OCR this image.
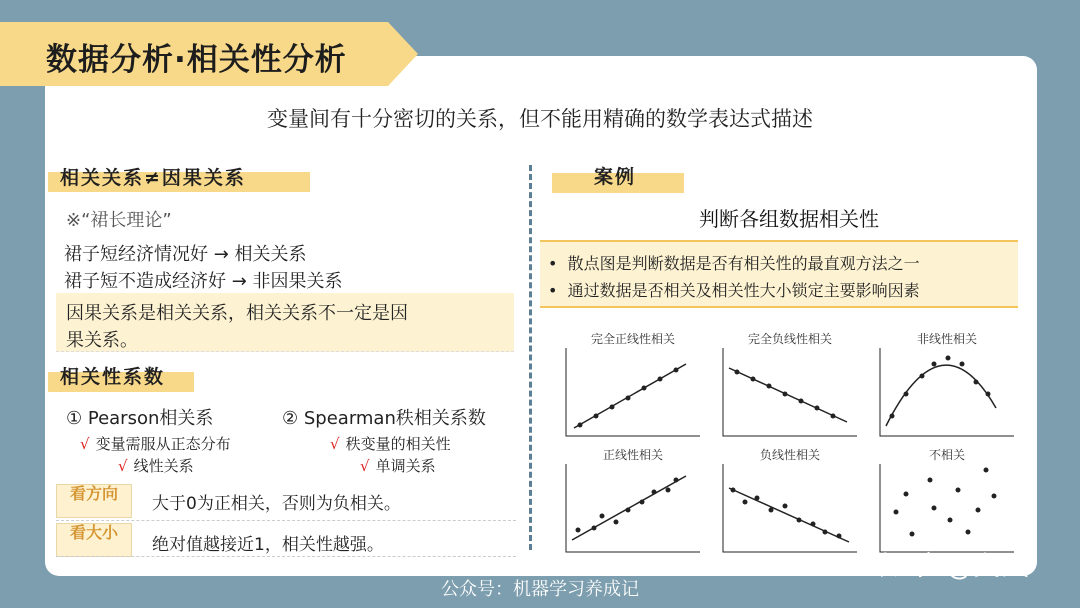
数据分析·相关性分析
变量间有十分密切的关系，但不能用精确的数学表达式描述
相关关系≠因果关系
※“裙长理论”
裙子短经济情况好 → 相关关系
裙子短不造成经济好 → 非因果关系
因果关系是相关关系，相关关系不一定是因
果关系。
相关性系数
① Pearson相关系	② Spearman秩相关系数
√ 变量需服从正态分布
√ 线性关系
√ 秩变量的相关性
√ 单调关系
看方向
大于0为正相关，否则为负相关。
看大小
绝对值越接近1，相关性越强。
案例
判断各组数据相关性
• 散点图是判断数据是否有相关性的最直观方法之一
• 通过数据是否相关及相关性大小锁定主要影响因素
完全正线性相关	完全负线性相关	非线性相关
正线性相关	负线性相关	不相关
知乎 @文武
公众号：机器学习养成记
